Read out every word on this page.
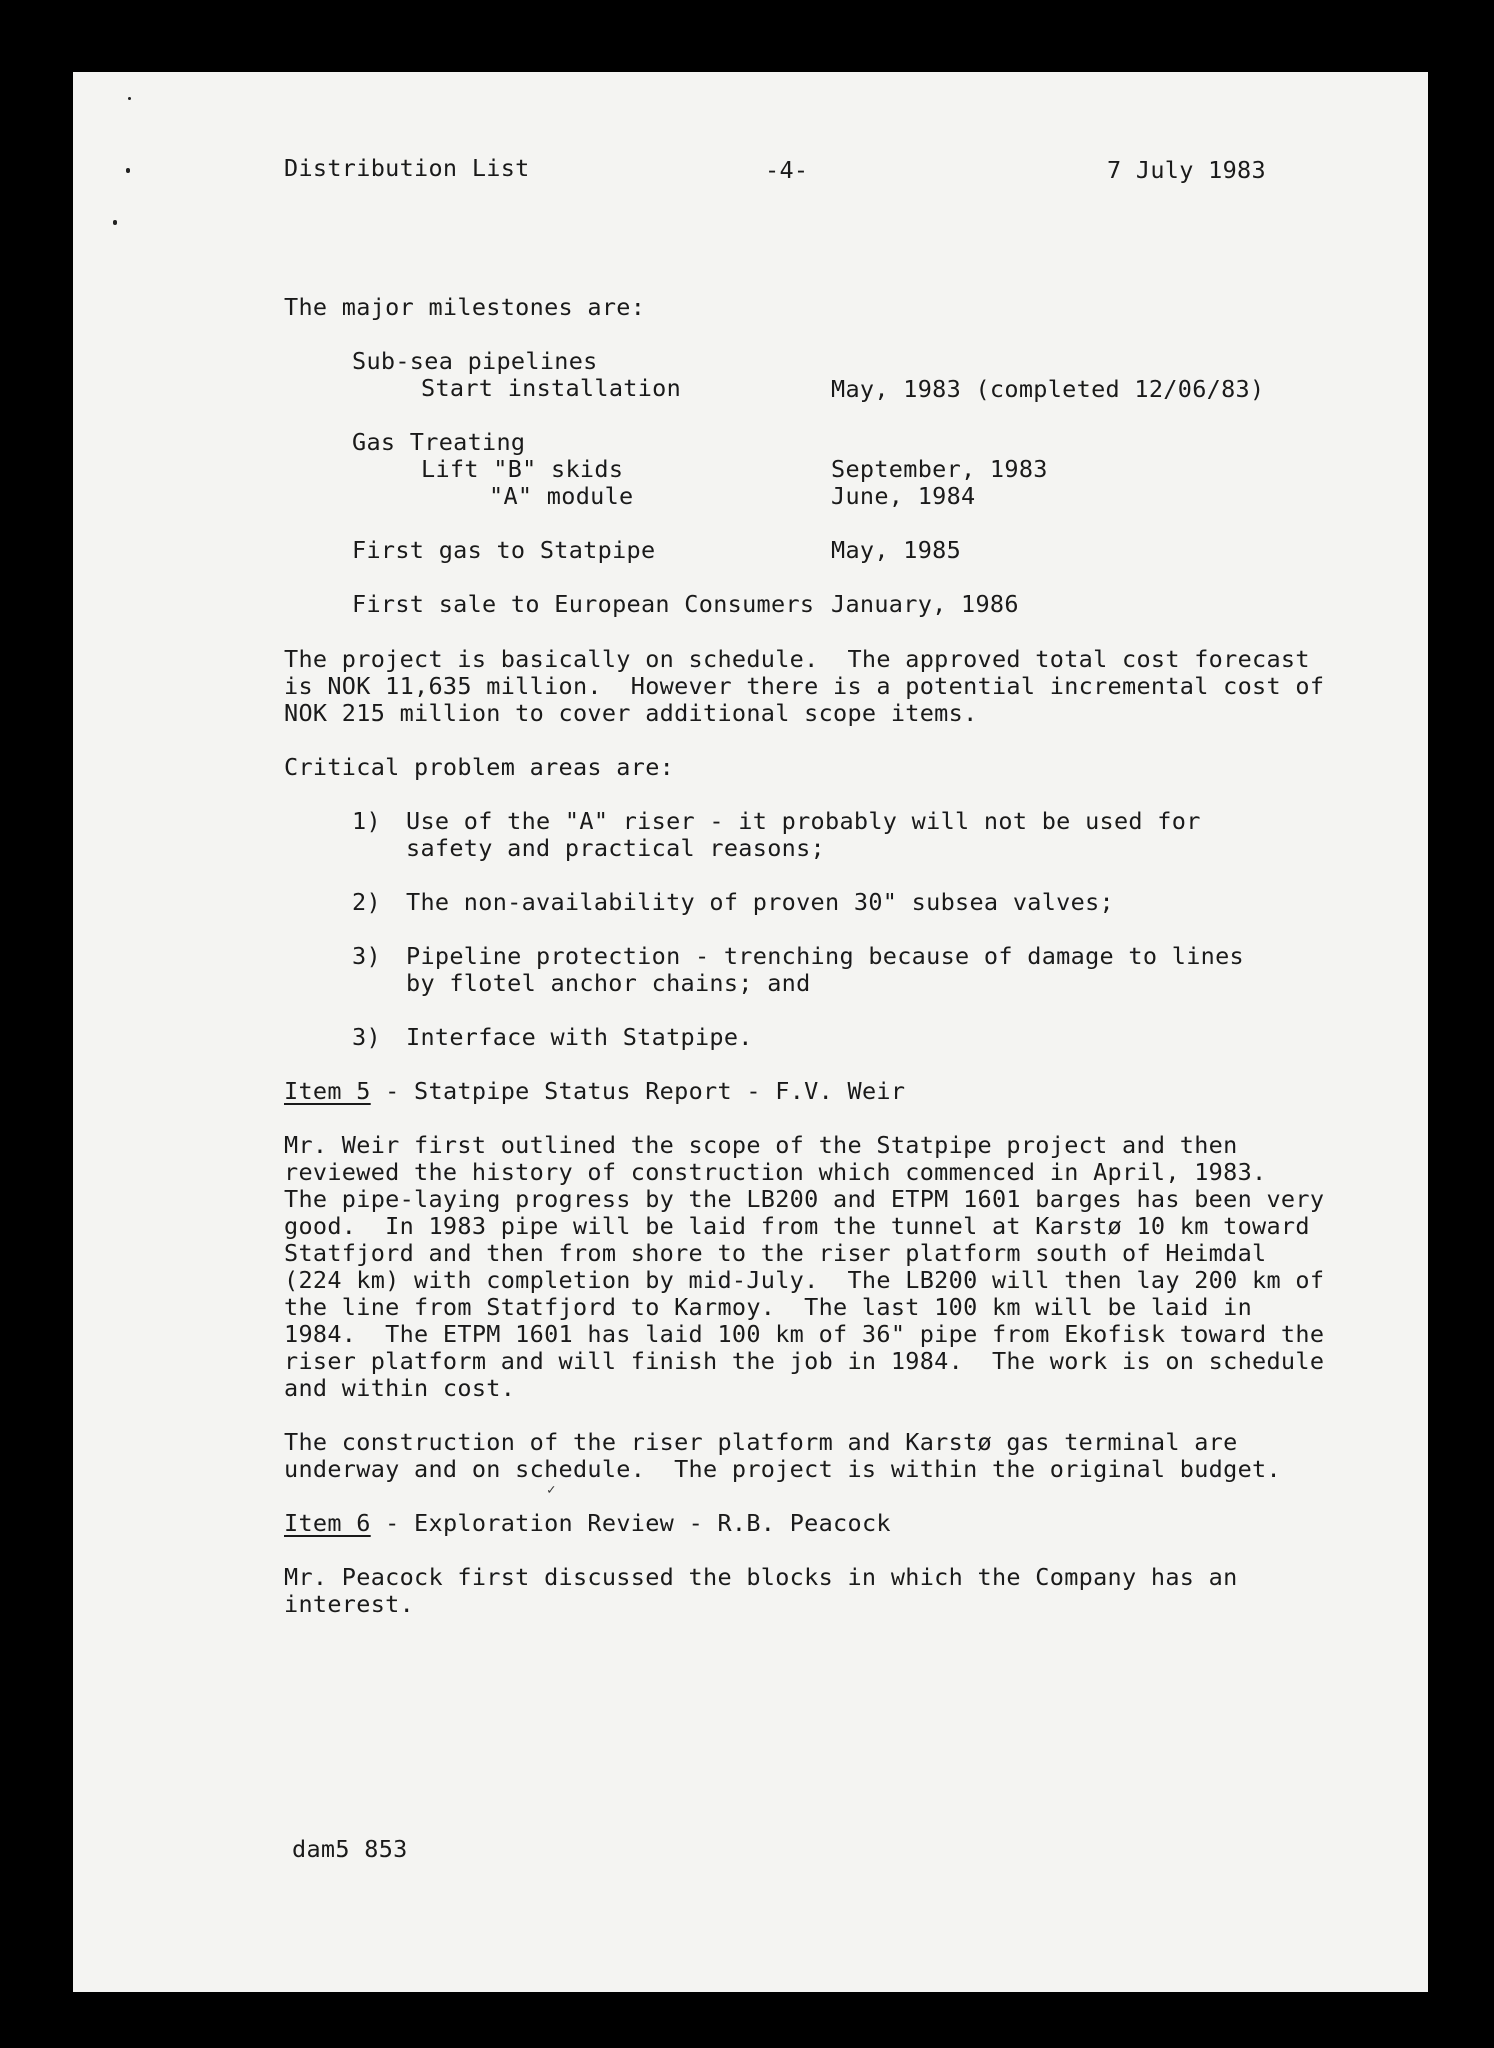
Distribution List	-4-	7 July 1983
The major milestones are:
Sub-sea pipelines
Start installation	May, 1983 (completed 12/06/83)
Gas Treating
Lift "B" skids	September, 1983
"A" module	June, 1984
First gas to Statpipe	May, 1985
First sale to European Consumers January, 1986
The project is basically on schedule.  The approved total cost forecast
is NOK 11,635 million.  However there is a potential incremental cost of
NOK 215 million to cover additional scope items.
Critical problem areas are:
1) Use of the "A" riser - it probably will not be used for
safety and practical reasons;
2) The non-availability of proven 30" subsea valves;
3) Pipeline protection - trenching because of damage to lines
by flotel anchor chains; and
3) Interface with Statpipe.
Item 5 - Statpipe Status Report - F.V. Weir
Mr. Weir first outlined the scope of the Statpipe project and then
reviewed the history of construction which commenced in April, 1983.
The pipe-laying progress by the LB200 and ETPM 1601 barges has been very
good.  In 1983 pipe will be laid from the tunnel at Karstø 10 km toward
Statfjord and then from shore to the riser platform south of Heimdal
(224 km) with completion by mid-July.  The LB200 will then lay 200 km of
the line from Statfjord to Karmoy.  The last 100 km will be laid in
1984.  The ETPM 1601 has laid 100 km of 36" pipe from Ekofisk toward the
riser platform and will finish the job in 1984.  The work is on schedule
and within cost.
The construction of the riser platform and Karstø gas terminal are
underway and on schedule.  The project is within the original budget.
✓
Item 6 - Exploration Review - R.B. Peacock
Mr. Peacock first discussed the blocks in which the Company has an
interest.
dam5 853
